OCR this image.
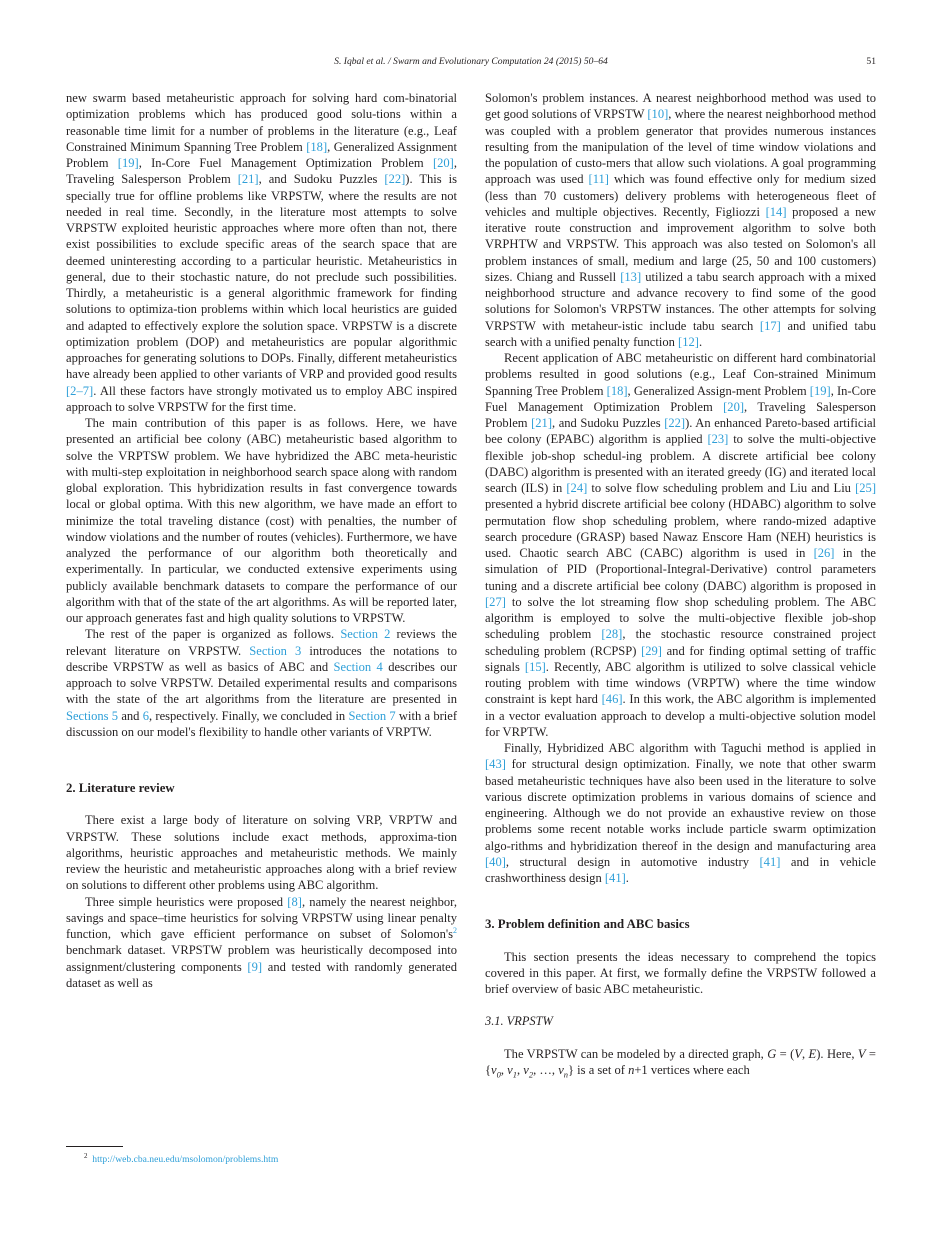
S. Iqbal et al. / Swarm and Evolutionary Computation 24 (2015) 50–64	51

new swarm based metaheuristic approach for solving hard com-binatorial optimization problems which has produced good solu-tions within a reasonable time limit for a number of problems in the literature (e.g., Leaf Constrained Minimum Spanning Tree Problem [18], Generalized Assignment Problem [19], In-Core Fuel Management Optimization Problem [20], Traveling Salesperson Problem [21], and Sudoku Puzzles [22]). This is specially true for offline problems like VRPSTW, where the results are not needed in real time. Secondly, in the literature most attempts to solve VRPSTW exploited heuristic approaches where more often than not, there exist possibilities to exclude specific areas of the search space that are deemed uninteresting according to a particular heuristic. Metaheuristics in general, due to their stochastic nature, do not preclude such possibilities. Thirdly, a metaheuristic is a general algorithmic framework for finding solutions to optimiza-tion problems within which local heuristics are guided and adapted to effectively explore the solution space. VRPSTW is a discrete optimization problem (DOP) and metaheuristics are popular algorithmic approaches for generating solutions to DOPs. Finally, different metaheuristics have already been applied to other variants of VRP and provided good results [2–7]. All these factors have strongly motivated us to employ ABC inspired approach to solve VRPSTW for the first time.

The main contribution of this paper is as follows. Here, we have presented an artificial bee colony (ABC) metaheuristic based algorithm to solve the VRPTSW problem. We have hybridized the ABC meta-heuristic with multi-step exploitation in neighborhood search space along with random global exploration. This hybridization results in fast convergence towards local or global optima. With this new algorithm, we have made an effort to minimize the total traveling distance (cost) with penalties, the number of window violations and the number of routes (vehicles). Furthermore, we have analyzed the performance of our algorithm both theoretically and experimentally. In particular, we conducted extensive experiments using publicly available benchmark datasets to compare the performance of our algorithm with that of the state of the art algorithms. As will be reported later, our approach generates fast and high quality solutions to VRPSTW.

The rest of the paper is organized as follows. Section 2 reviews the relevant literature on VRPSTW. Section 3 introduces the notations to describe VRPSTW as well as basics of ABC and Section 4 describes our approach to solve VRPSTW. Detailed experimental results and comparisons with the state of the art algorithms from the literature are presented in Sections 5 and 6, respectively. Finally, we concluded in Section 7 with a brief discussion on our model's flexibility to handle other variants of VRPTW.

2. Literature review

There exist a large body of literature on solving VRP, VRPTW and VRPSTW. These solutions include exact methods, approxima-tion algorithms, heuristic approaches and metaheuristic methods. We mainly review the heuristic and metaheuristic approaches along with a brief review on solutions to different other problems using ABC algorithm.

Three simple heuristics were proposed [8], namely the nearest neighbor, savings and space–time heuristics for solving VRPSTW using linear penalty function, which gave efficient performance on subset of Solomon's$^2$ benchmark dataset. VRPSTW problem was heuristically decomposed into assignment/clustering components [9] and tested with randomly generated dataset as well as

Solomon's problem instances. A nearest neighborhood method was used to get good solutions of VRPSTW [10], where the nearest neighborhood method was coupled with a problem generator that provides numerous instances resulting from the manipulation of the level of time window violations and the population of custo-mers that allow such violations. A goal programming approach was used [11] which was found effective only for medium sized (less than 70 customers) delivery problems with heterogeneous fleet of vehicles and multiple objectives. Recently, Figliozzi [14] proposed a new iterative route construction and improvement algorithm to solve both VRPHTW and VRPSTW. This approach was also tested on Solomon's all problem instances of small, medium and large (25, 50 and 100 customers) sizes. Chiang and Russell [13] utilized a tabu search approach with a mixed neighborhood structure and advance recovery to find some of the good solutions for Solomon's VRPSTW instances. The other attempts for solving VRPSTW with metaheur-istic include tabu search [17] and unified tabu search with a unified penalty function [12].

Recent application of ABC metaheuristic on different hard combinatorial problems resulted in good solutions (e.g., Leaf Con-strained Minimum Spanning Tree Problem [18], Generalized Assign-ment Problem [19], In-Core Fuel Management Optimization Problem [20], Traveling Salesperson Problem [21], and Sudoku Puzzles [22]). An enhanced Pareto-based artificial bee colony (EPABC) algorithm is applied [23] to solve the multi-objective flexible job-shop schedul-ing problem. A discrete artificial bee colony (DABC) algorithm is presented with an iterated greedy (IG) and iterated local search (ILS) in [24] to solve flow scheduling problem and Liu and Liu [25] presented a hybrid discrete artificial bee colony (HDABC) algorithm to solve permutation flow shop scheduling problem, where rando-mized adaptive search procedure (GRASP) based Nawaz Enscore Ham (NEH) heuristics is used. Chaotic search ABC (CABC) algorithm is used in [26] in the simulation of PID (Proportional-Integral-Derivative) control parameters tuning and a discrete artificial bee colony (DABC) algorithm is proposed in [27] to solve the lot streaming flow shop scheduling problem. The ABC algorithm is employed to solve the multi-objective flexible job-shop scheduling problem [28], the stochastic resource constrained project scheduling problem (RCPSP) [29] and for finding optimal setting of traffic signals [15]. Recently, ABC algorithm is utilized to solve classical vehicle routing problem with time windows (VRPTW) where the time window constraint is kept hard [46]. In this work, the ABC algorithm is implemented in a vector evaluation approach to develop a multi-objective solution model for VRPTW.

Finally, Hybridized ABC algorithm with Taguchi method is applied in [43] for structural design optimization. Finally, we note that other swarm based metaheuristic techniques have also been used in the literature to solve various discrete optimization problems in various domains of science and engineering. Although we do not provide an exhaustive review on those problems some recent notable works include particle swarm optimization algo-rithms and hybridization thereof in the design and manufacturing area [40], structural design in automotive industry [41] and in vehicle crashworthiness design [41].

3. Problem definition and ABC basics

This section presents the ideas necessary to comprehend the topics covered in this paper. At first, we formally define the VRPSTW followed a brief overview of basic ABC metaheuristic.

3.1. VRPSTW

The VRPSTW can be modeled by a directed graph, G = (V, E). Here, $V = \{v_0$, $v_1$, $v_2$, …, $v_n$} is a set of n+1 vertices where each

$^2$ http://web.cba.neu.edu/msolomon/problems.htm
